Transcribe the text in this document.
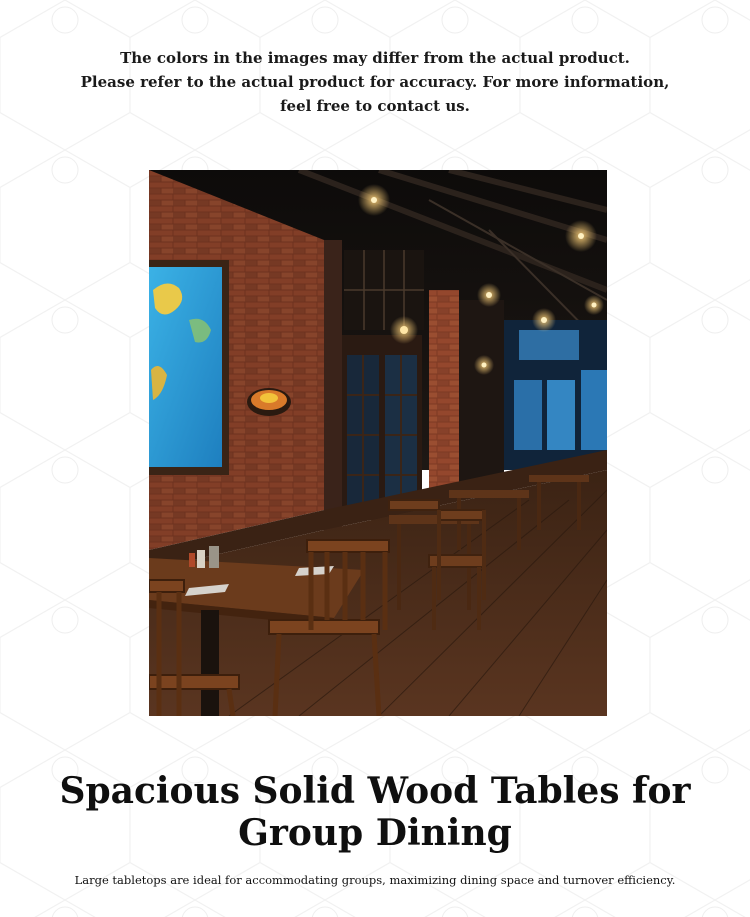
The colors in the images may differ from the actual product.
Please refer to the actual product for accuracy. For more information,
feel free to contact us.
Spacious Solid Wood Tables for
Group Dining
Large tabletops are ideal for accommodating groups, maximizing dining space and turnover efficiency.
